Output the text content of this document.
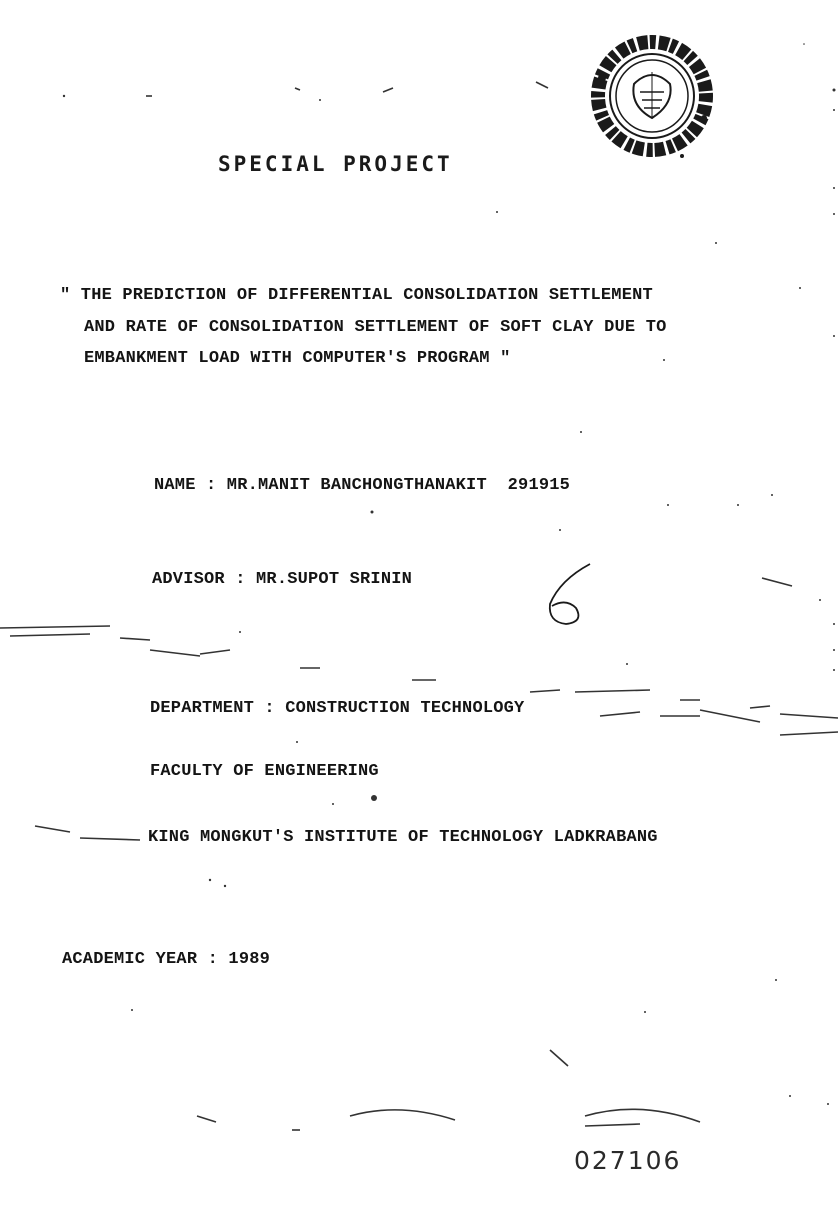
SPECIAL PROJECT
" THE PREDICTION OF DIFFERENTIAL CONSOLIDATION SETTLEMENT
AND RATE OF CONSOLIDATION SETTLEMENT OF SOFT CLAY DUE TO
EMBANKMENT LOAD WITH COMPUTER'S PROGRAM "
NAME : MR.MANIT BANCHONGTHANAKIT  291915
ADVISOR : MR.SUPOT SRININ
DEPARTMENT : CONSTRUCTION TECHNOLOGY
FACULTY OF ENGINEERING
KING MONGKUT'S INSTITUTE OF TECHNOLOGY LADKRABANG
ACADEMIC YEAR : 1989
027106
